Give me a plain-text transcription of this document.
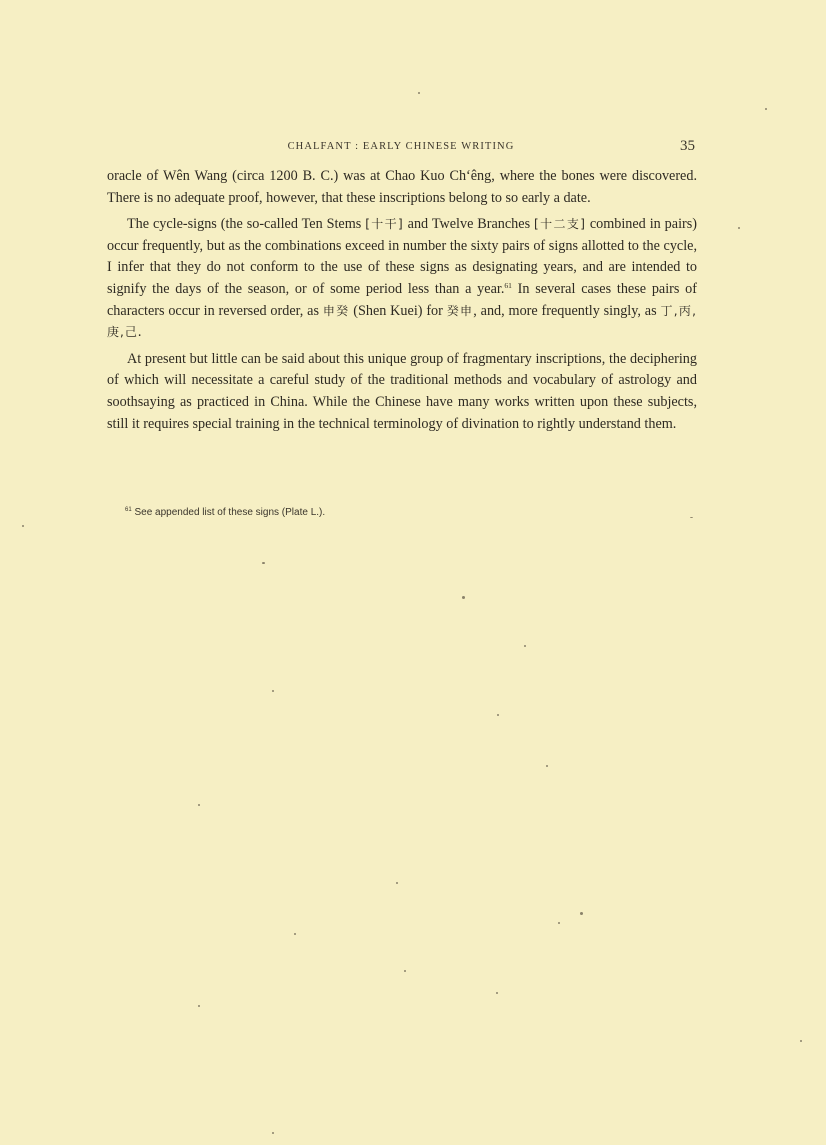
CHALFANT : EARLY CHINESE WRITING	35

oracle of Wên Wang (circa 1200 B. C.) was at Chao Kuo Ch‘êng, where the bones were discovered. There is no adequate proof, however, that these inscriptions belong to so early a date.

The cycle-signs (the so-called Ten Stems [十干] and Twelve Branches [十二支] combined in pairs) occur frequently, but as the combinations exceed in number the sixty pairs of signs allotted to the cycle, I infer that they do not conform to the use of these signs as designating years, and are intended to signify the days of the season, or of some period less than a year.$^{61}$ In several cases these pairs of characters occur in reversed order, as 申癸 (Shen Kuei) for 癸申, and, more frequently singly, as 丁,丙,庚,己.

At present but little can be said about this unique group of fragmentary inscriptions, the deciphering of which will necessitate a careful study of the traditional methods and vocabulary of astrology and soothsaying as practiced in China. While the Chinese have many works written upon these subjects, still it requires special training in the technical terminology of divination to rightly understand them.

$^{61}$ See appended list of these signs (Plate L.).
